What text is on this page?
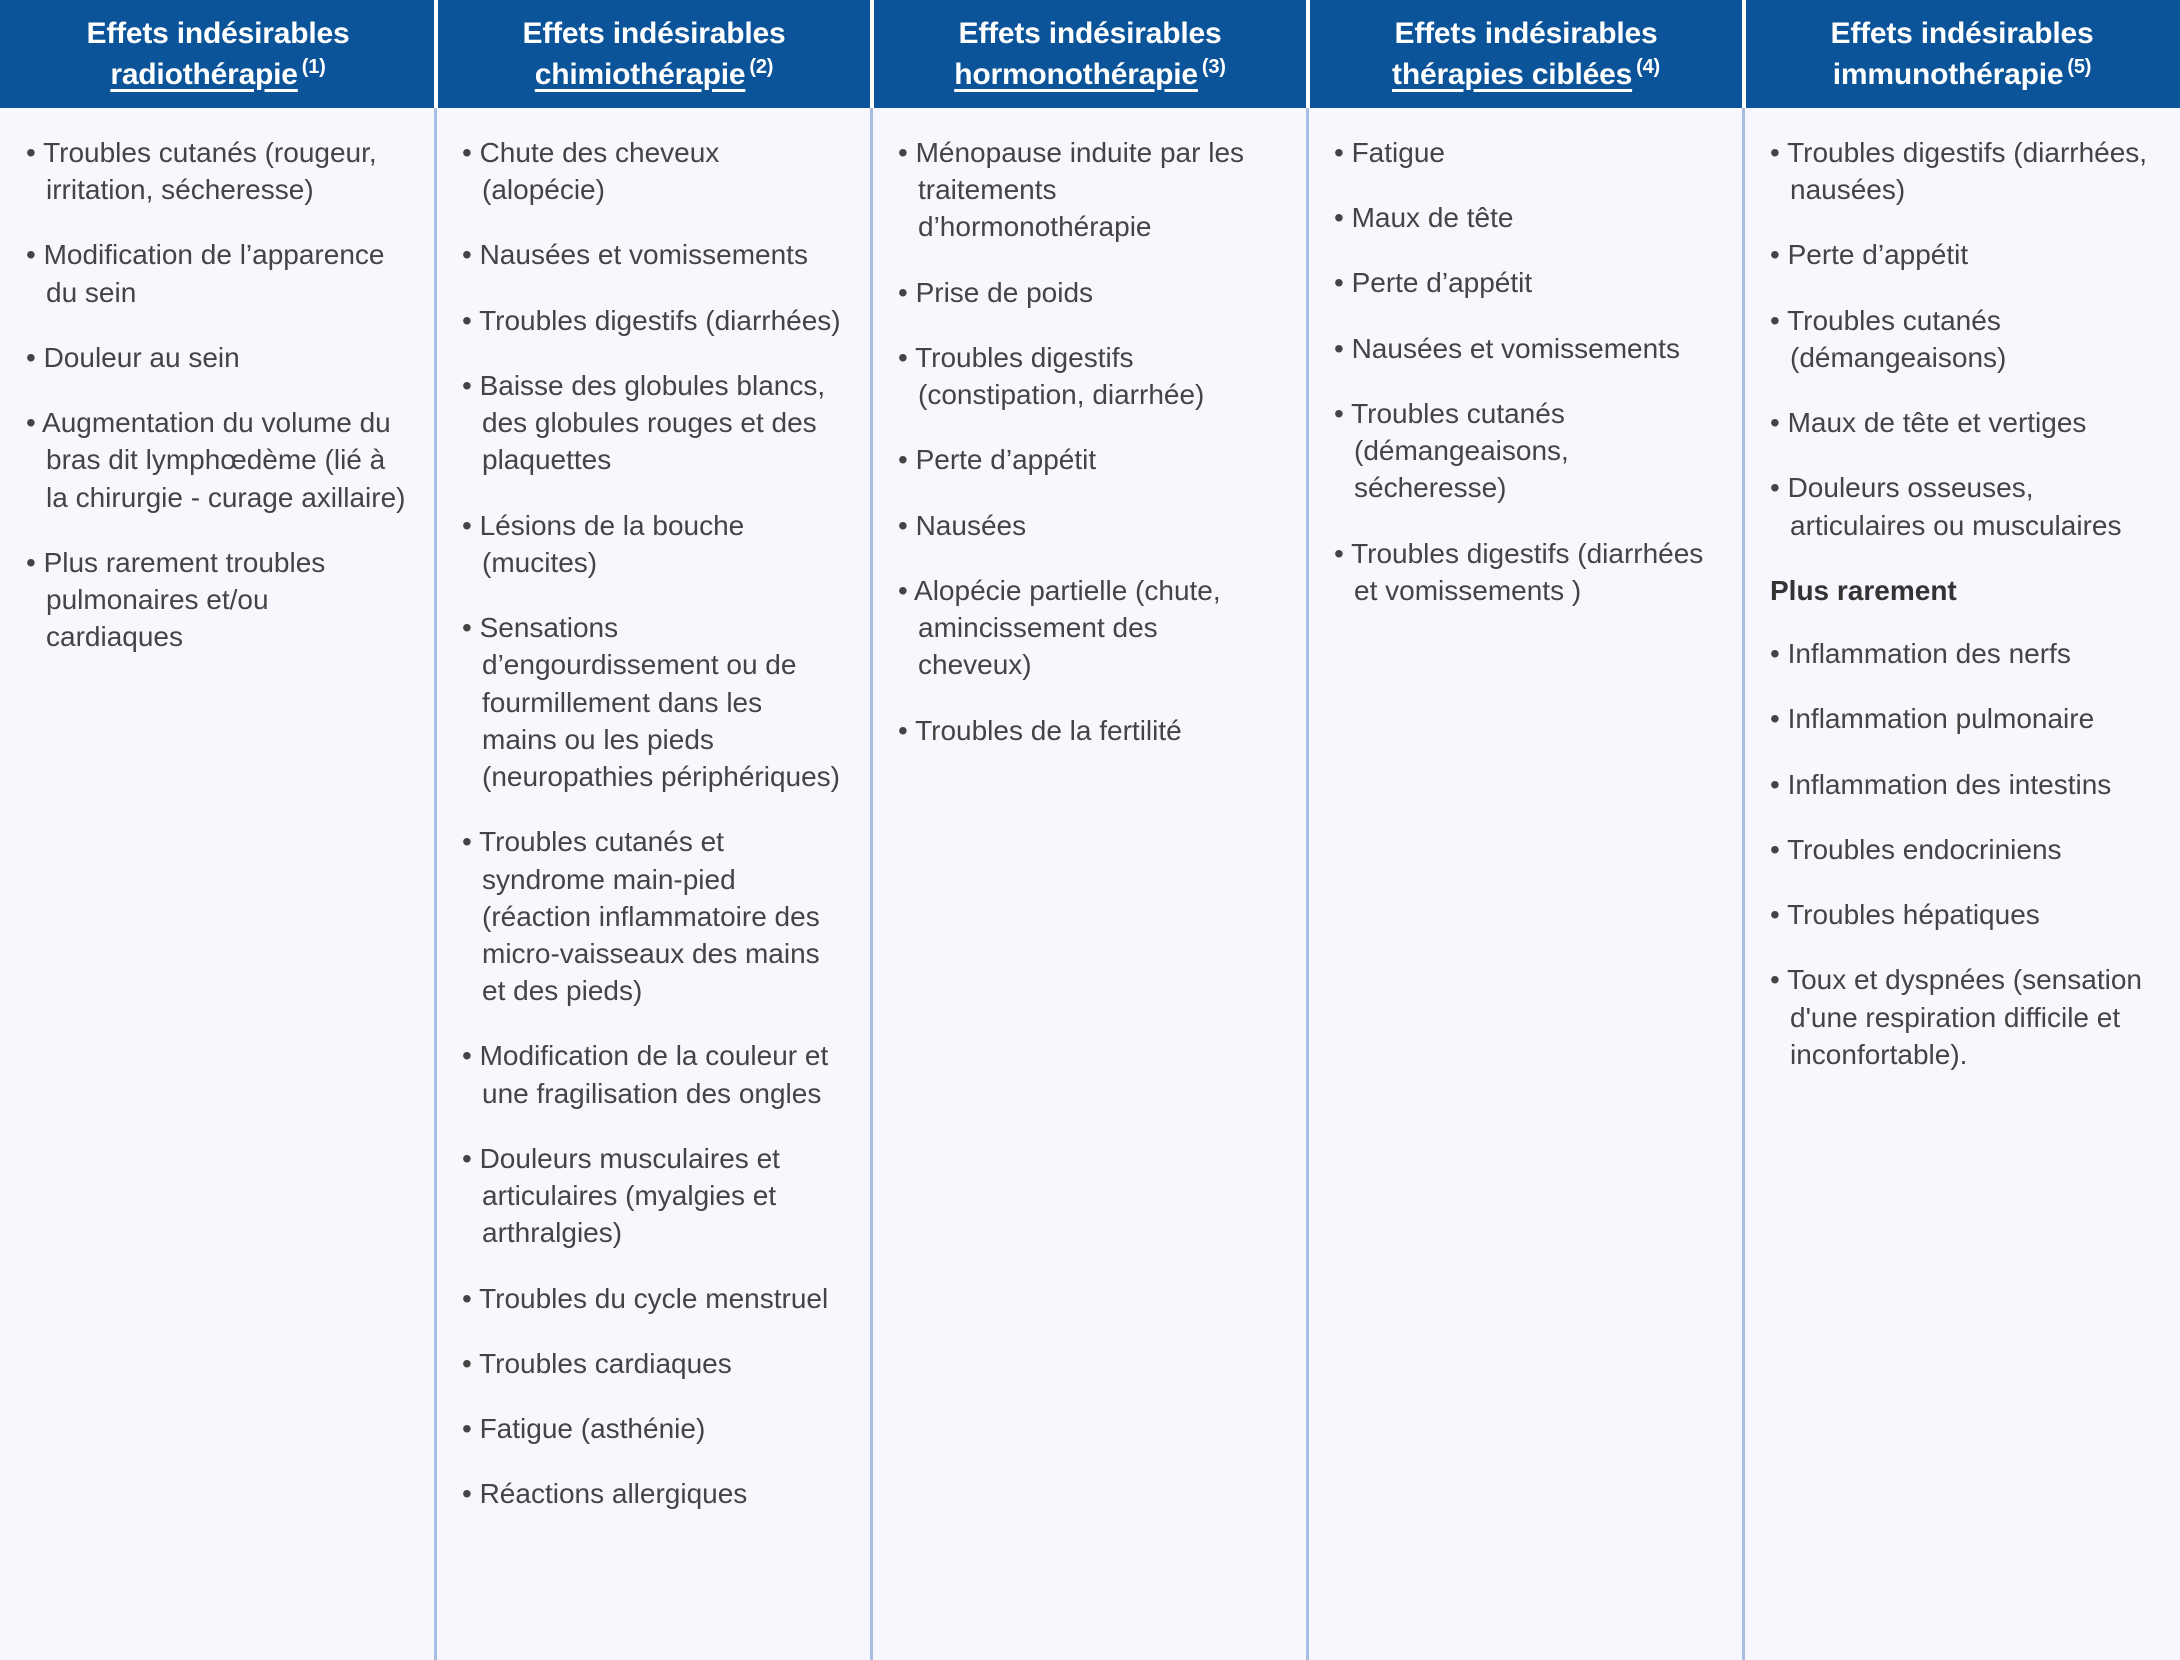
Effets indésirables
radiothérapie (1)
Effets indésirables
chimiothérapie (2)
Effets indésirables
hormonothérapie (3)
Effets indésirables
thérapies ciblées (4)
Effets indésirables
immunothérapie (5)
• Troubles cutanés (rougeur, irritation, sécheresse)
• Modification de l’apparence du sein
• Douleur au sein
• Augmentation du volume du bras dit lymphœdème (lié à la chirurgie - curage axillaire)
• Plus rarement troubles pulmonaires et/ou cardiaques
• Chute des cheveux (alopécie)
• Nausées et vomissements
• Troubles digestifs (diarrhées)
• Baisse des globules blancs, des globules rouges et des plaquettes
• Lésions de la bouche (mucites)
• Sensations d’engourdissement ou de fourmillement dans les mains ou les pieds (neuropathies périphériques)
• Troubles cutanés et syndrome main-pied (réaction inflammatoire des micro-vaisseaux des mains et des pieds)
• Modification de la couleur et une fragilisation des ongles
• Douleurs musculaires et articulaires (myalgies et arthralgies)
• Troubles du cycle menstruel
• Troubles cardiaques
• Fatigue (asthénie)
• Réactions allergiques
• Ménopause induite par les traitements d’hormonothérapie
• Prise de poids
• Troubles digestifs (constipation, diarrhée)
• Perte d’appétit
• Nausées
• Alopécie partielle (chute, amincissement des cheveux)
• Troubles de la fertilité
• Fatigue
• Maux de tête
• Perte d’appétit
• Nausées et vomissements
• Troubles cutanés (démangeaisons, sécheresse)
• Troubles digestifs (diarrhées et vomissements )
• Troubles digestifs (diarrhées, nausées)
• Perte d’appétit
• Troubles cutanés (démangeaisons)
• Maux de tête et vertiges
• Douleurs osseuses, articulaires ou musculaires
Plus rarement
• Inflammation des nerfs
• Inflammation pulmonaire
• Inflammation des intestins
• Troubles endocriniens
• Troubles hépatiques
• Toux et dyspnées (sensation d'une respiration difficile et inconfortable).
